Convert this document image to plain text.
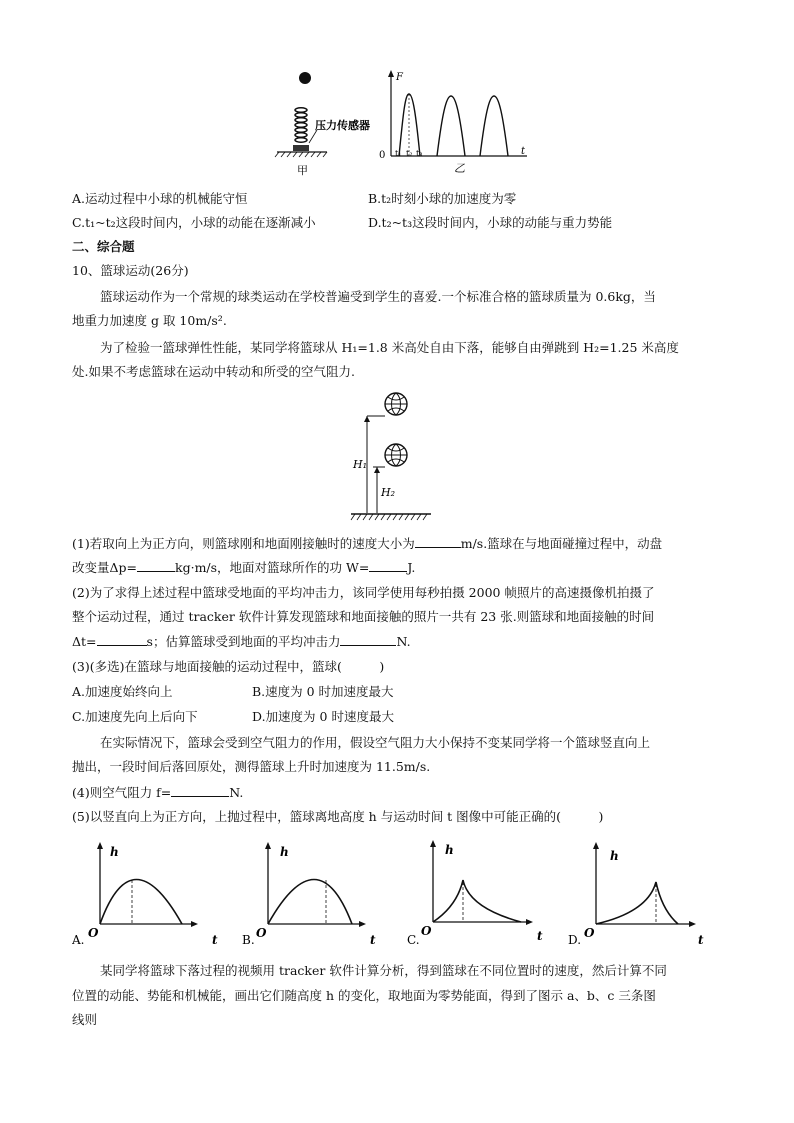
压力传感器
甲
F
t
0 t₁ t₂ t₃
乙
A.运动过程中小球的机械能守恒	B.t₂时刻小球的加速度为零
C.t₁~t₂这段时间内，小球的动能在逐渐减小	D.t₂~t₃这段时间内，小球的动能与重力势能
二、综合题
10、篮球运动(26分)
篮球运动作为一个常规的球类运动在学校普遍受到学生的喜爱.一个标准合格的篮球质量为 0.6kg，当
地重力加速度 g 取 10m/s².
为了检验一篮球弹性性能，某同学将篮球从 H₁=1.8 米高处自由下落，能够自由弹跳到 H₂=1.25 米高度
处.如果不考虑篮球在运动中转动和所受的空气阻力.
H₁
H₂
(1)若取向上为正方向，则篮球刚和地面刚接触时的速度大小为	m/s.篮球在与地面碰撞过程中，动盘
改变量Δp=	kg·m/s，地面对篮球所作的功 W=	J.
(2)为了求得上述过程中篮球受地面的平均冲击力，该同学使用每秒拍摄 2000 帧照片的高速摄像机拍摄了
整个运动过程，通过 tracker 软件计算发现篮球和地面接触的照片一共有 23 张.则篮球和地面接触的时间
Δt=	s；估算篮球受到地面的平均冲击力	N.
(3)(多选)在篮球与地面接触的运动过程中，篮球(　　　)
A.加速度始终向上	B.速度为 0 时加速度最大
C.加速度先向上后向下	D.加速度为 0 时速度最大
在实际情况下，篮球会受到空气阻力的作用，假设空气阻力大小保持不变某同学将一个篮球竖直向上
抛出，一段时间后落回原处，测得篮球上升时加速度为 11.5m/s.
(4)则空气阻力 f=	N.
(5)以竖直向上为正方向，上抛过程中，篮球离地高度 h 与运动时间 t 图像中可能正确的(　　　)
h
O	t
A.
h
O	t
B.
h
O	t
C.
h
O	t
D.
某同学将篮球下落过程的视频用 tracker 软件计算分析，得到篮球在不同位置时的速度，然后计算不同
位置的动能、势能和机械能，画出它们随高度 h 的变化，取地面为零势能面，得到了图示 a、b、c 三条图
线则
